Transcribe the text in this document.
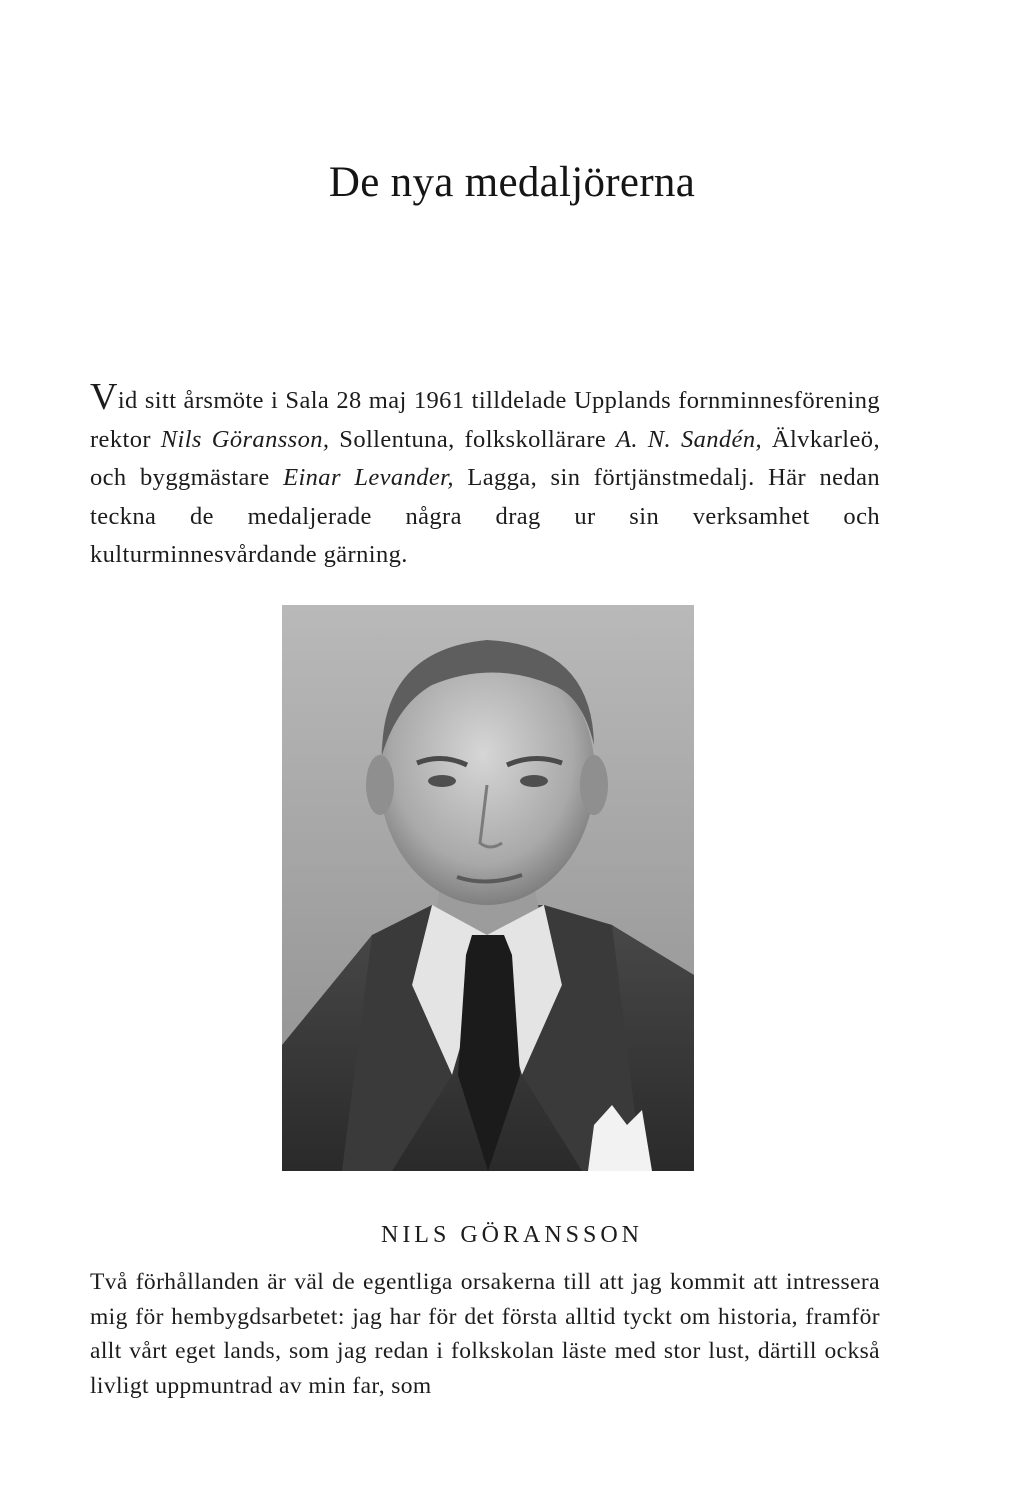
De nya medaljörerna

Vid sitt årsmöte i Sala 28 maj 1961 tilldelade Upplands fornminnesförening rektor Nils Göransson, Sollentuna, folkskollärare A. N. Sandén, Älvkarleö, och byggmästare Einar Levander, Lagga, sin förtjänstmedalj. Här nedan teckna de medaljerade några drag ur sin verksamhet och kulturminnesvårdande gärning.

NILS GÖRANSSON

Två förhållanden är väl de egentliga orsakerna till att jag kommit att intressera mig för hembygdsarbetet: jag har för det första alltid tyckt om historia, framför allt vårt eget lands, som jag redan i folkskolan läste med stor lust, därtill också livligt uppmuntrad av min far, som
